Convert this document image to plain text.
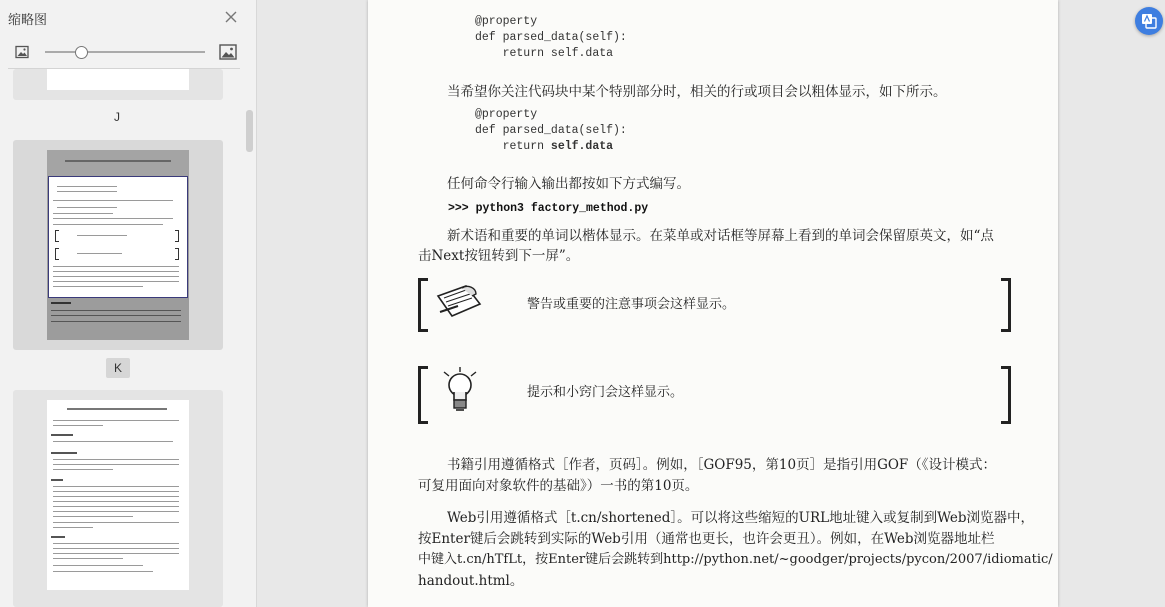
缩略图
J
K
@property
def parsed_data(self):
return self.data
当希望你关注代码块中某个特别部分时，相关的行或项目会以粗体显示，如下所示。
@property
def parsed_data(self):
return self.data
任何命令行输入输出都按如下方式编写。
>>> python3 factory_method.py
新术语和重要的单词以楷体显示。在菜单或对话框等屏幕上看到的单词会保留原英文，如“点
击Next按钮转到下一屏”。
警告或重要的注意事项会这样显示。
提示和小窍门会这样显示。
书籍引用遵循格式［作者，页码］。例如，［GOF95，第10页］是指引用GOF（《设计模式：
可复用面向对象软件的基础》）一书的第10页。
Web引用遵循格式［t.cn/shortened］。可以将这些缩短的URL地址键入或复制到Web浏览器中，
按Enter键后会跳转到实际的Web引用（通常也更长，也许会更丑）。例如，在Web浏览器地址栏
中键入t.cn/hTfLt，按Enter键后会跳转到http://python.net/~goodger/projects/pycon/2007/idiomatic/
handout.html。
